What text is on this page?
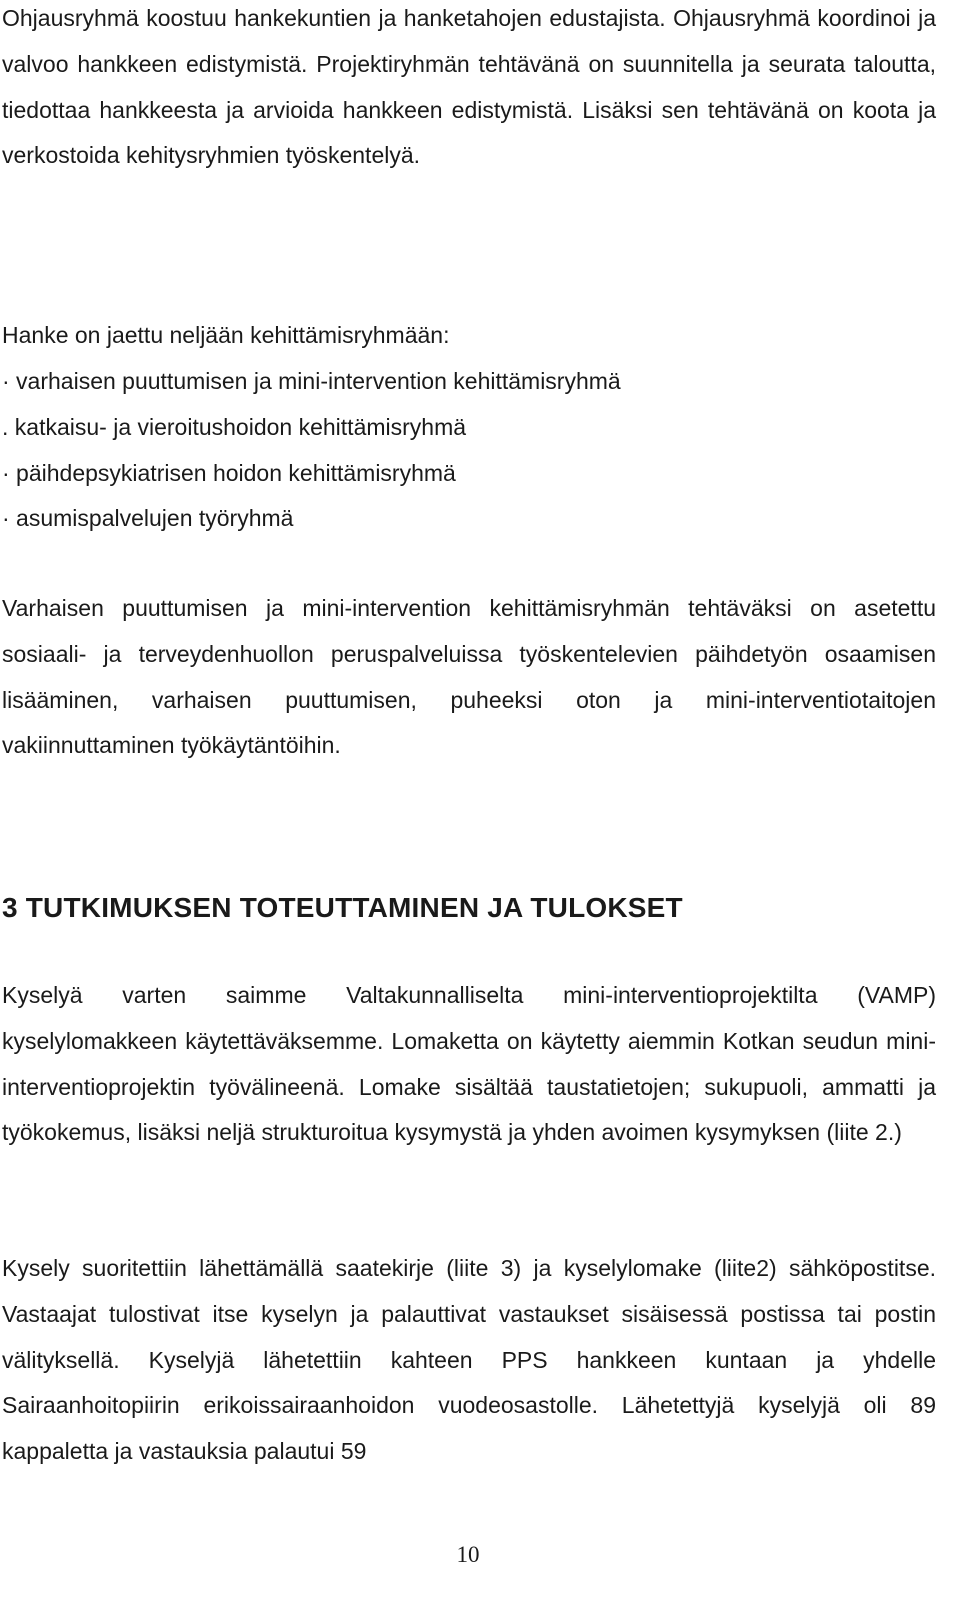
Ohjausryhmä koostuu hankekuntien ja hanketahojen edustajista. Ohjausryhmä koordinoi ja valvoo hankkeen edistymistä. Projektiryhmän tehtävänä on suunnitella ja seurata taloutta, tiedottaa hankkeesta ja arvioida hankkeen edistymistä. Lisäksi sen tehtävänä on koota ja verkostoida kehitysryhmien työskentelyä.

Hanke on jaettu neljään kehittämisryhmään:

· varhaisen puuttumisen ja mini-intervention kehittämisryhmä
. katkaisu- ja vieroitushoidon kehittämisryhmä
· päihdepsykiatrisen hoidon kehittämisryhmä
· asumispalvelujen työryhmä

Varhaisen puuttumisen ja mini-intervention kehittämisryhmän tehtäväksi on asetettu sosiaali- ja terveydenhuollon peruspalveluissa työskentelevien päihdetyön osaamisen lisääminen, varhaisen puuttumisen, puheeksi oton ja mini-interventiotaitojen vakiinnuttaminen työkäytäntöihin.

3 TUTKIMUKSEN TOTEUTTAMINEN JA TULOKSET

Kyselyä varten saimme Valtakunnalliselta mini-interventioprojektilta (VAMP) kyselylomakkeen käytettäväksemme. Lomaketta on käytetty aiemmin Kotkan seudun mini-interventioprojektin työvälineenä. Lomake sisältää taustatietojen; sukupuoli, ammatti ja työkokemus, lisäksi neljä strukturoitua kysymystä ja yhden avoimen kysymyksen (liite 2.)

Kysely suoritettiin lähettämällä saatekirje (liite 3) ja kyselylomake (liite2) sähköpostitse. Vastaajat tulostivat itse kyselyn ja palauttivat vastaukset sisäisessä postissa tai postin välityksellä. Kyselyjä lähetettiin kahteen PPS hankkeen kuntaan ja yhdelle Sairaanhoitopiirin erikoissairaanhoidon vuodeosastolle. Lähetettyjä kyselyjä oli 89 kappaletta ja vastauksia palautui 59

10
